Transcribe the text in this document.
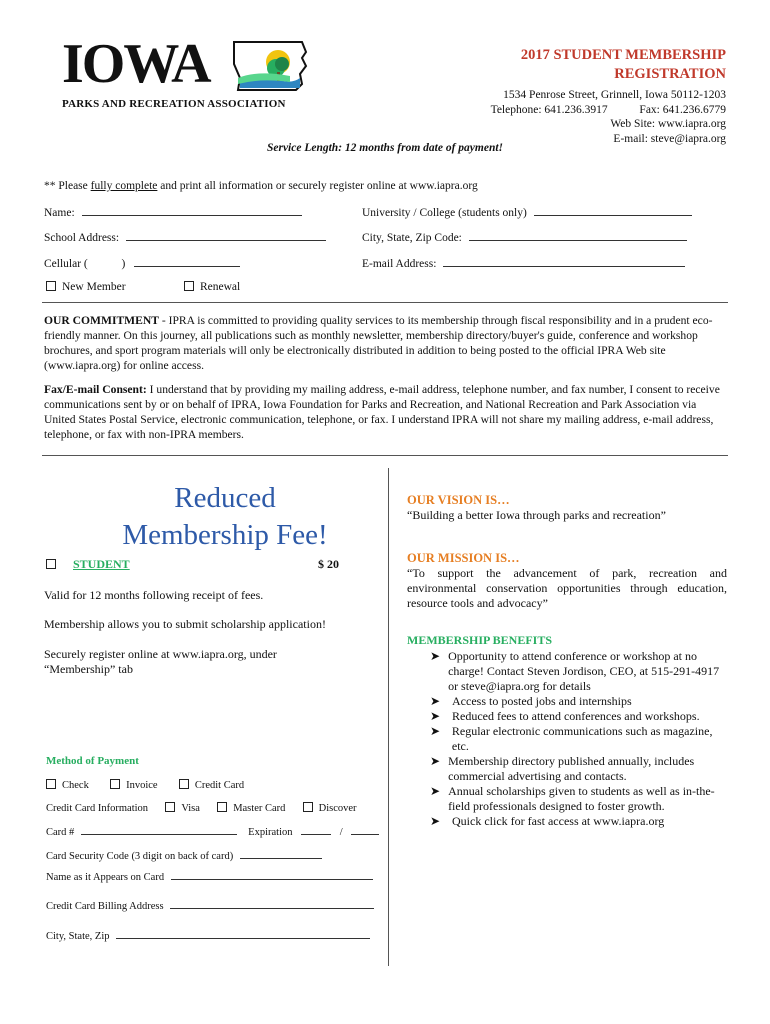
IOWA
PARKS AND RECREATION ASSOCIATION
2017 STUDENT MEMBERSHIP
REGISTRATION
1534 Penrose Street, Grinnell, Iowa 50112-1203
Telephone: 641.236.3917	Fax: 641.236.6779
Web Site: www.iapra.org
E-mail: steve@iapra.org
Service Length: 12 months from date of payment!
** Please fully complete and print all information or securely register online at www.iapra.org
Name:	University / College (students only)
School Address:	City, State, Zip Code:
Cellular (	)	E-mail Address:
New Member	Renewal

OUR COMMITMENT - IPRA is committed to providing quality services to its membership through fiscal responsibility and in a prudent eco-friendly manner. On this journey, all publications such as monthly newsletter, membership directory/buyer's guide, conference and workshop brochures, and sport program materials will only be electronically distributed in addition to being posted to the official IPRA Web site (www.iapra.org) for online access.

Fax/E-mail Consent: I understand that by providing my mailing address, e-mail address, telephone number, and fax number, I consent to receive communications sent by or on behalf of IPRA, Iowa Foundation for Parks and Recreation, and National Recreation and Park Association via United States Postal Service, electronic communication, telephone, or fax. I understand IPRA will not share my mailing address, e-mail address, telephone, or fax with non-IPRA members.

Reduced
Membership Fee!
STUDENT	$ 20
Valid for 12 months following receipt of fees.
Membership allows you to submit scholarship application!
Securely register online at www.iapra.org, under
“Membership” tab
Method of Payment
Check	Invoice	Credit Card
Credit Card Information	Visa	Master Card	Discover
Card #	Expiration	/
Card Security Code (3 digit on back of card)
Name as it Appears on Card
Credit Card Billing Address
City, State, Zip
OUR VISION IS…
“Building a better Iowa through parks and recreation”
OUR MISSION IS…

“To support the advancement of park, recreation and environmental conservation opportunities through education, resource tools and advocacy”

MEMBERSHIP BENEFITS
➤ Opportunity to attend conference or workshop at no charge! Contact Steven Jordison, CEO, at 515-291-4917 or steve@iapra.org for details
➤ Access to posted jobs and internships
➤ Reduced fees to attend conferences and workshops.
➤ Regular electronic communications such as magazine, etc.
➤ Membership directory published annually, includes commercial advertising and contacts.
➤ Annual scholarships given to students as well as in-the-field professionals designed to foster growth.
➤ Quick click for fast access at www.iapra.org
